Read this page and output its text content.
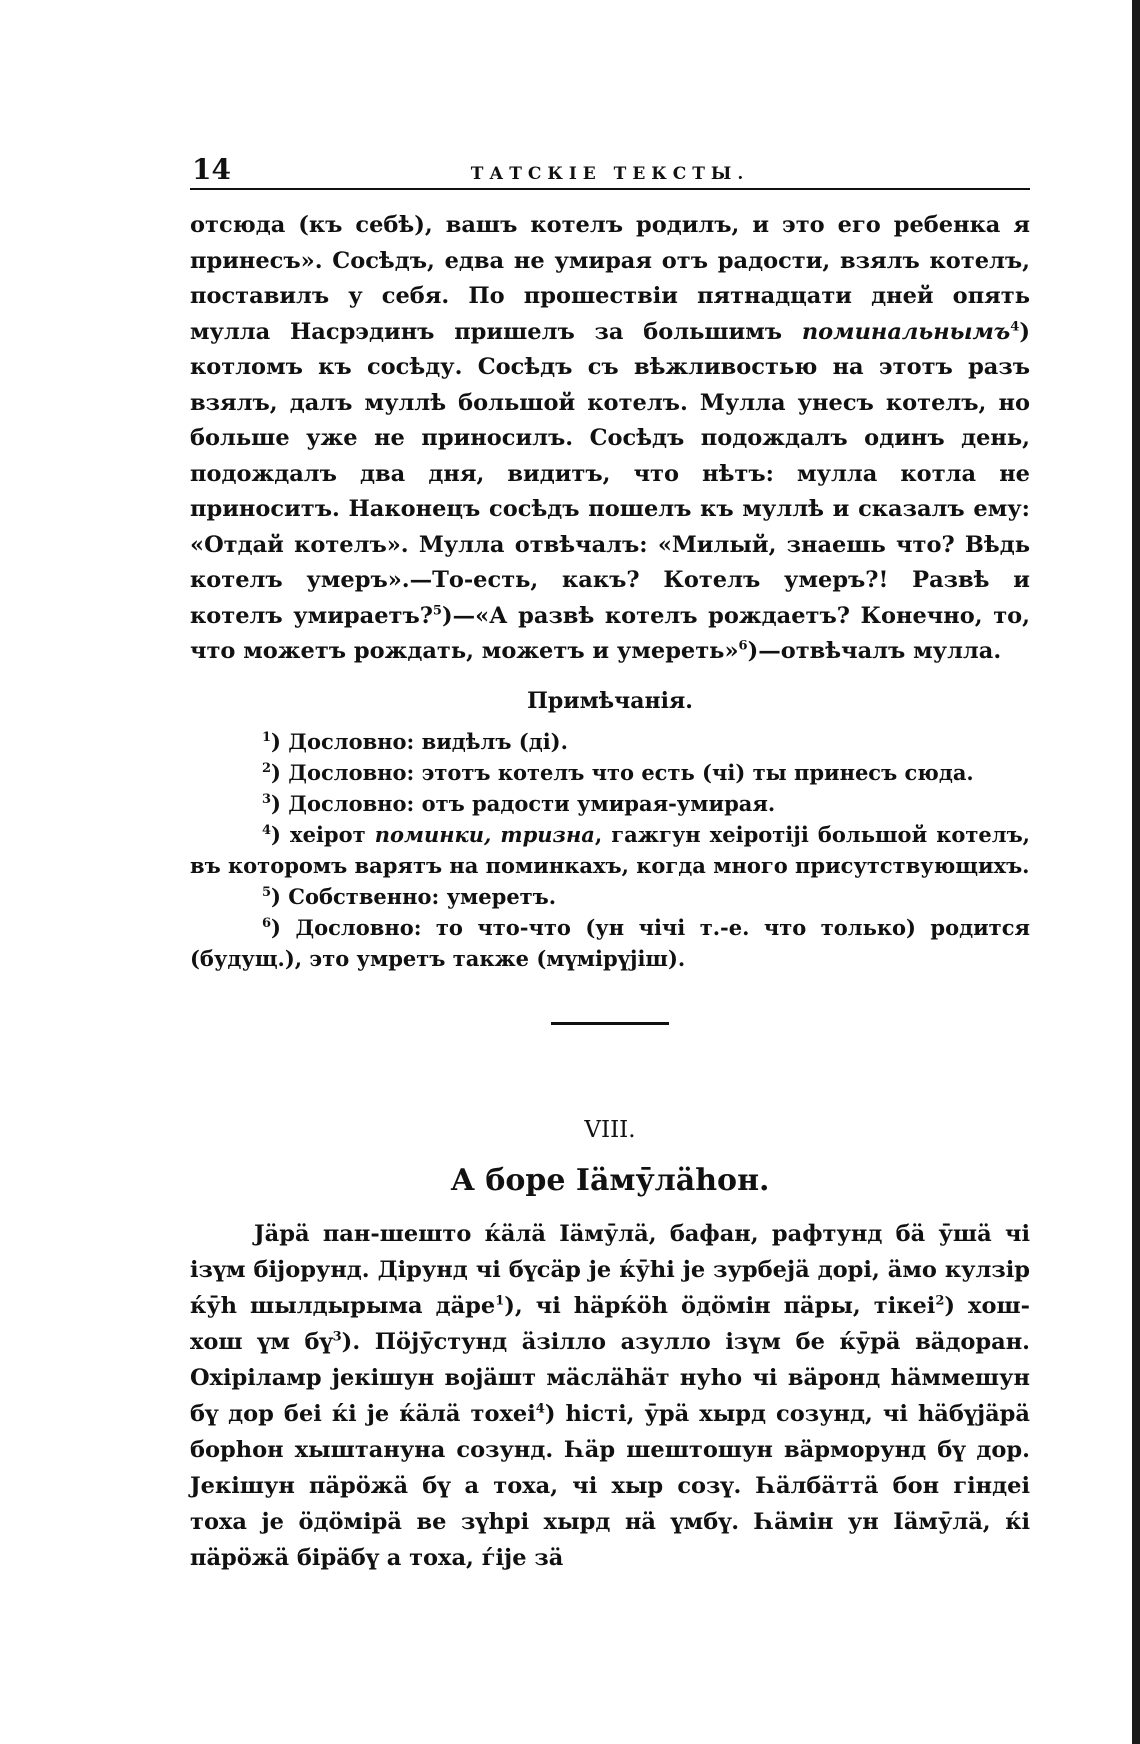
14	ТАТСКІЕ ТЕКСТЫ.

отсюда (къ себѣ), вашъ котелъ родилъ, и это его ребенка я принесъ». Сосѣдъ, едва не умирая отъ радости, взялъ котелъ, поставилъ у себя. По прошествіи пятнадцати дней опять мулла Насрэдинъ пришелъ за большимъ поминальнымъ$^4$) котломъ къ сосѣду. Сосѣдъ съ вѣжливостью на этотъ разъ взялъ, далъ муллѣ большой котелъ. Мулла унесъ котелъ, но больше уже не приносилъ. Сосѣдъ подождалъ одинъ день, подождалъ два дня, видитъ, что нѣтъ: мулла котла не приноситъ. Наконецъ сосѣдъ пошелъ къ муллѣ и сказалъ ему: «Отдай котелъ». Мулла отвѣчалъ: «Милый, знаешь что? Вѣдь котелъ умеръ».—То-есть, какъ? Котелъ умеръ?! Развѣ и котелъ умираетъ?$^5$)—«А развѣ котелъ рождаетъ? Конечно, то, что можетъ рождать, можетъ и умереть»$^6$)—отвѣчалъ мулла.

Примѣчанія.

$^1$) Дословно: видѣлъ (ді).

$^2$) Дословно: этотъ котелъ что есть (чі) ты принесъ сюда.

$^3$) Дословно: отъ радости умирая-умирая.

$^4$) хеірот поминки, тризна, гажгун хеіротіјі большой котелъ, въ которомъ варятъ на поминкахъ, когда много присутствующихъ.

$^5$) Собственно: умеретъ.

$^6$) Дословно: то что-что (ун чічі т.-е. что только) родится (будущ.), это умретъ также (мүмірүјіш).

VIII.
А боре Ӏӓмӯлӓһон.

Јӓрӓ пан-шешто ќӓлӓ Ӏӓмӯлӓ, бафан, рафтунд бӓ ӯшӓ чі ізүм біјорунд. Дірунд чі бүсӓр је ќӯһі је зурбејӓ дорі, ӓмо кулзір ќӯһ шылдырыма дӓре$^1$), чі һӓрќӧһ ӧдӧмін пӓры, тікеі$^2$) хош-хош үм $бү^3$). Пӧјӯстунд ӓзілло азулло ізүм бе ќӯрӓ вӓдоран. Охіріламр јекішун војӓшт мӓслӓһӓт нуһо чі вӓронд һӓммешун бү дор беі ќі је ќӓлӓ тохеі$^4$) һісті, ӯрӓ хырд созунд, чі һӓбүјӓрӓ борһон хыштануна созунд. Һӓр шештошун вӓрморунд бү дор. Јекішун пӓрӧжӓ бү а тоха, чі хыр созү. Һӓлбӓттӓ бон гіндеі тоха је ӧдӧмірӓ ве зүһрі хырд нӓ үмбү. Һӓмін ун Ӏӓмӯлӓ, ќі пӓрӧжӓ бірӓбү а тоха, ѓіје зӓ
